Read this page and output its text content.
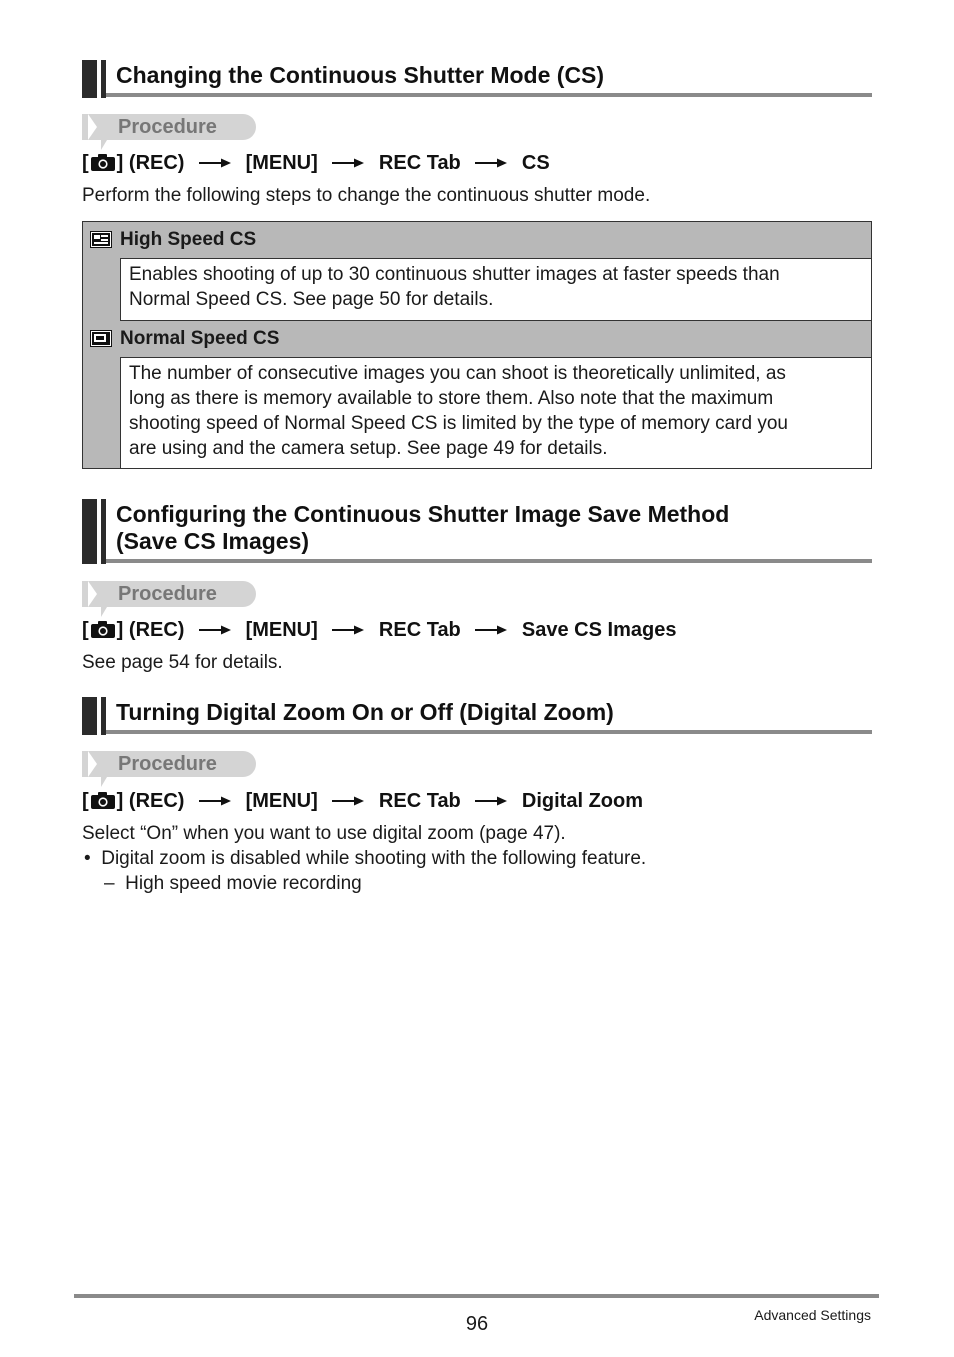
Changing the Continuous Shutter Mode (CS)
Procedure
[ ] (REC)	[MENU]	REC Tab	CS
Perform the following steps to change the continuous shutter mode.
High Speed CS
Enables shooting of up to 30 continuous shutter images at faster speeds than
Normal Speed CS. See page 50 for details.
Normal Speed CS
The number of consecutive images you can shoot is theoretically unlimited, as
long as there is memory available to store them. Also note that the maximum
shooting speed of Normal Speed CS is limited by the type of memory card you
are using and the camera setup. See page 49 for details.
Configuring the Continuous Shutter Image Save Method
(Save CS Images)
Procedure
[ ] (REC)	[MENU]	REC Tab	Save CS Images
See page 54 for details.
Turning Digital Zoom On or Off (Digital Zoom)
Procedure
[ ] (REC)	[MENU]	REC Tab	Digital Zoom
Select “On” when you want to use digital zoom (page 47).
• Digital zoom is disabled while shooting with the following feature.
– High speed movie recording
96	Advanced Settings
